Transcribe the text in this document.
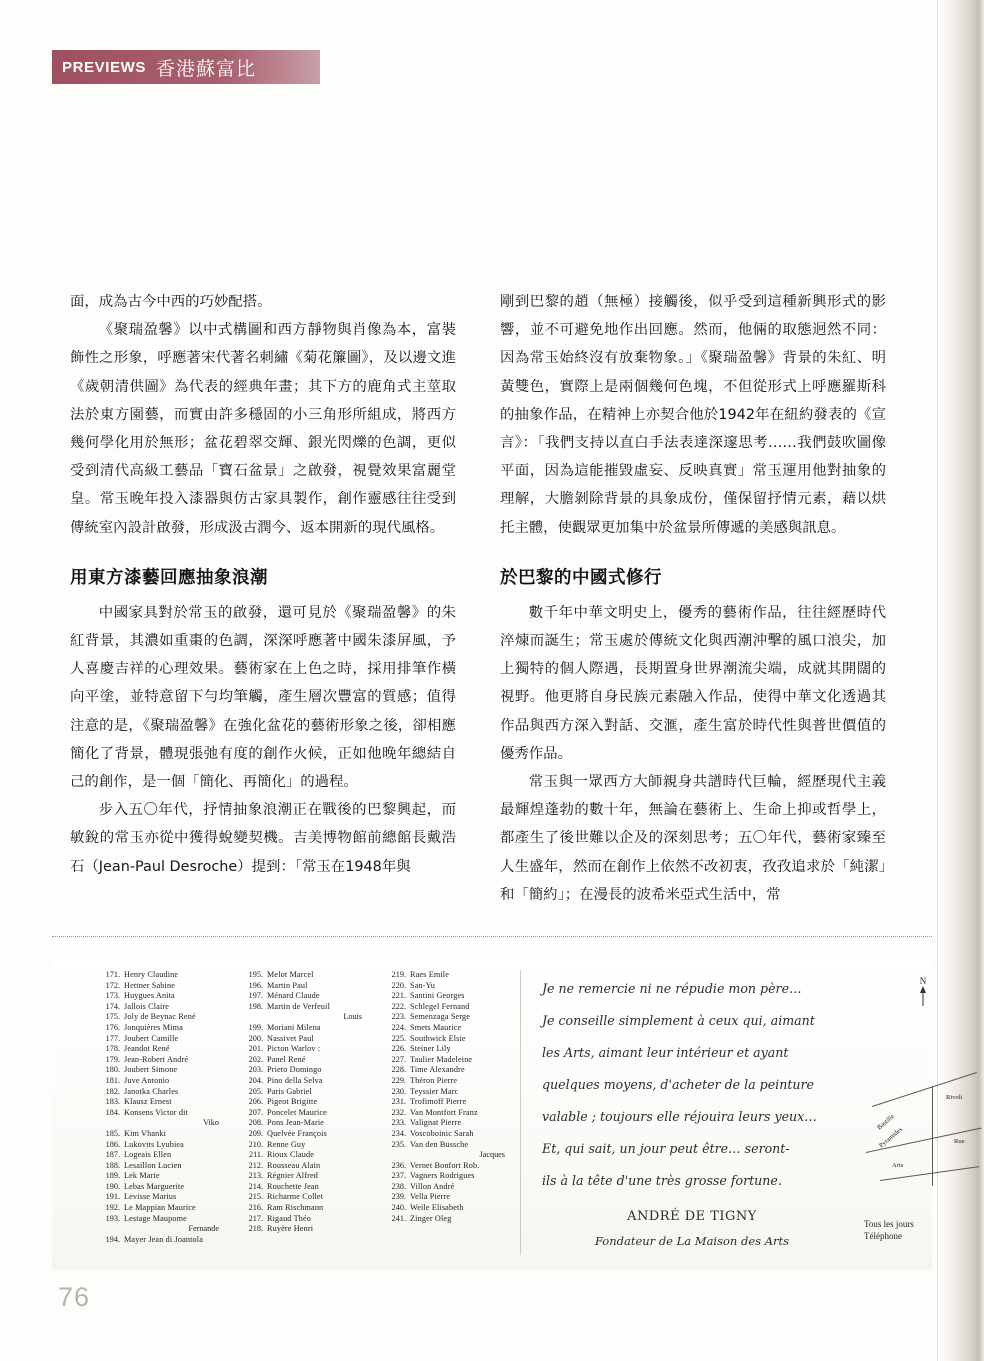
PREVIEWS 香港蘇富比

面，成為古今中西的巧妙配搭。

《聚瑞盈馨》以中式構圖和西方靜物與肖像為本，富裝飾性之形象，呼應著宋代著名刺繡《菊花簾圖》，及以邊文進《歲朝清供圖》為代表的經典年畫；其下方的鹿角式主莖取法於東方園藝，而實由許多穩固的小三角形所組成，將西方幾何學化用於無形；盆花碧翠交輝、銀光閃爍的色調，更似受到清代高級工藝品「寶石盆景」之啟發，視覺效果富麗堂皇。常玉晚年投入漆器與仿古家具製作，創作靈感往往受到傳統室內設計啟發，形成汲古潤今、返本開新的現代風格。

用東方漆藝回應抽象浪潮

中國家具對於常玉的啟發，還可見於《聚瑞盈馨》的朱紅背景，其濃如重棗的色調，深深呼應著中國朱漆屏風，予人喜慶吉祥的心理效果。藝術家在上色之時，採用排筆作橫向平塗，並特意留下勻均筆觸，產生層次豐富的質感；值得注意的是，《聚瑞盈馨》在強化盆花的藝術形象之後，卻相應簡化了背景，體現張弛有度的創作火候，正如他晚年總結自己的創作，是一個「簡化、再簡化」的過程。

步入五〇年代，抒情抽象浪潮正在戰後的巴黎興起，而敏銳的常玉亦從中獲得蛻變契機。吉美博物館前總館長戴浩石（Jean-Paul Desroche）提到：「常玉在1948年與

剛到巴黎的趙（無極）接觸後，似乎受到這種新興形式的影響，並不可避免地作出回應。然而，他倆的取態迥然不同：因為常玉始終沒有放棄物象。」《聚瑞盈馨》背景的朱紅、明黃雙色，實際上是兩個幾何色塊，不但從形式上呼應羅斯科的抽象作品，在精神上亦契合他於1942年在紐約發表的《宣言》：「我們支持以直白手法表達深邃思考……我們鼓吹圖像平面，因為這能摧毀虛妄、反映真實」常玉運用他對抽象的理解，大膽剝除背景的具象成份，僅保留抒情元素，藉以烘托主體，使觀眾更加集中於盆景所傳遞的美感與訊息。

於巴黎的中國式修行

數千年中華文明史上，優秀的藝術作品，往往經歷時代淬煉而誕生；常玉處於傳統文化與西潮沖擊的風口浪尖，加上獨特的個人際遇，長期置身世界潮流尖端，成就其開闊的視野。他更將自身民族元素融入作品，使得中華文化透過其作品與西方深入對話、交滙，產生富於時代性與普世價值的優秀作品。

常玉與一眾西方大師親身共譜時代巨輪，經歷現代主義最輝煌蓬勃的數十年，無論在藝術上、生命上抑或哲學上，都產生了後世難以企及的深刻思考；五〇年代，藝術家臻至人生盛年，然而在創作上依然不改初衷，孜孜追求於「純潔」和「簡約」；在漫長的波希米亞式生活中，常

171. Henry Claudine
172. Hettner Sabine
173. Huygues Anita
174. Jallois Claire
175. Joly de Beynac René
176. Jonquières Mima
177. Joubert Camille
178. Jeandot René
179. Jean-Robert André
180. Joubert Simone
181. Juve Antonio
182. Janotka Charles
183. Klausz Ernest
184. Konsens Victor dit
Viko
185. Kim Vhanki
186. Lukovits Lyubiea
187. Logeais Ellen
188. Lesaillon Lucien
189. Lek Marie
190. Lebas Marguerite
191. Levisse Marius
192. Le Mappian Maurice
193. Lestage Maupome
Fernande
194. Mayer Jean di Joantola
195. Melot Marcel
196. Martin Paul
197. Ménard Claude
198. Martin de Verfeuil
Louis
199. Moriani Milena
200. Nassivet Paul
201. Picton Warlov :
202. Panel René
203. Prieto Domingo
204. Pino della Selva
205. Paris Gabriel
206. Pigeot Brigitte
207. Poncelet Maurice
208. Pons Jean-Marie
209. Quelvée François
210. Renne Guy
211. Rioux Claude
212. Rousseau Alain
213. Régnier Alfred
214. Rouchette Jean
215. Richarme Collet
216. Ram Rischmann
217. Rigaud Théo
218. Ruyère Henri
219. Raes Emile
220. San-Yu
221. Santini Georges
222. Schlegel Fernand
223. Semenzaga Serge
224. Smets Maurice
225. Southwick Elsie
226. Steiner Lily
227. Taulier Madeleine
228. Time Alexandre
229. Théron Pierre
230. Teyssier Marc
231. Trofimoff Pierre
232. Van Montfort Franz
233. Valignat Pierre
234. Voscoboinic Sarah
235. Van den Bussche
Jacques
236. Vernet Bonfort Rob.
237. Vagners Rodrigues
238. Villon André
239. Vella Pierre
240. Weile Elisabeth
241. Zinger Oleg

Je ne remercie ni ne répudie mon père…

Je conseille simplement à ceux qui, aimant

les Arts, aimant leur intérieur et ayant

quelques moyens, d'acheter de la peinture

valable ; toujours elle réjouira leurs yeux…

Et, qui sait, un jour peut être… seront-

ils à la tête d'une très grosse fortune.

ANDRÉ DE TIGNY
Fondateur de La Maison des Arts
N

Bastille
Pyramides
Arts
Rivoli
Rue
Tous les jours
Téléphone
76
